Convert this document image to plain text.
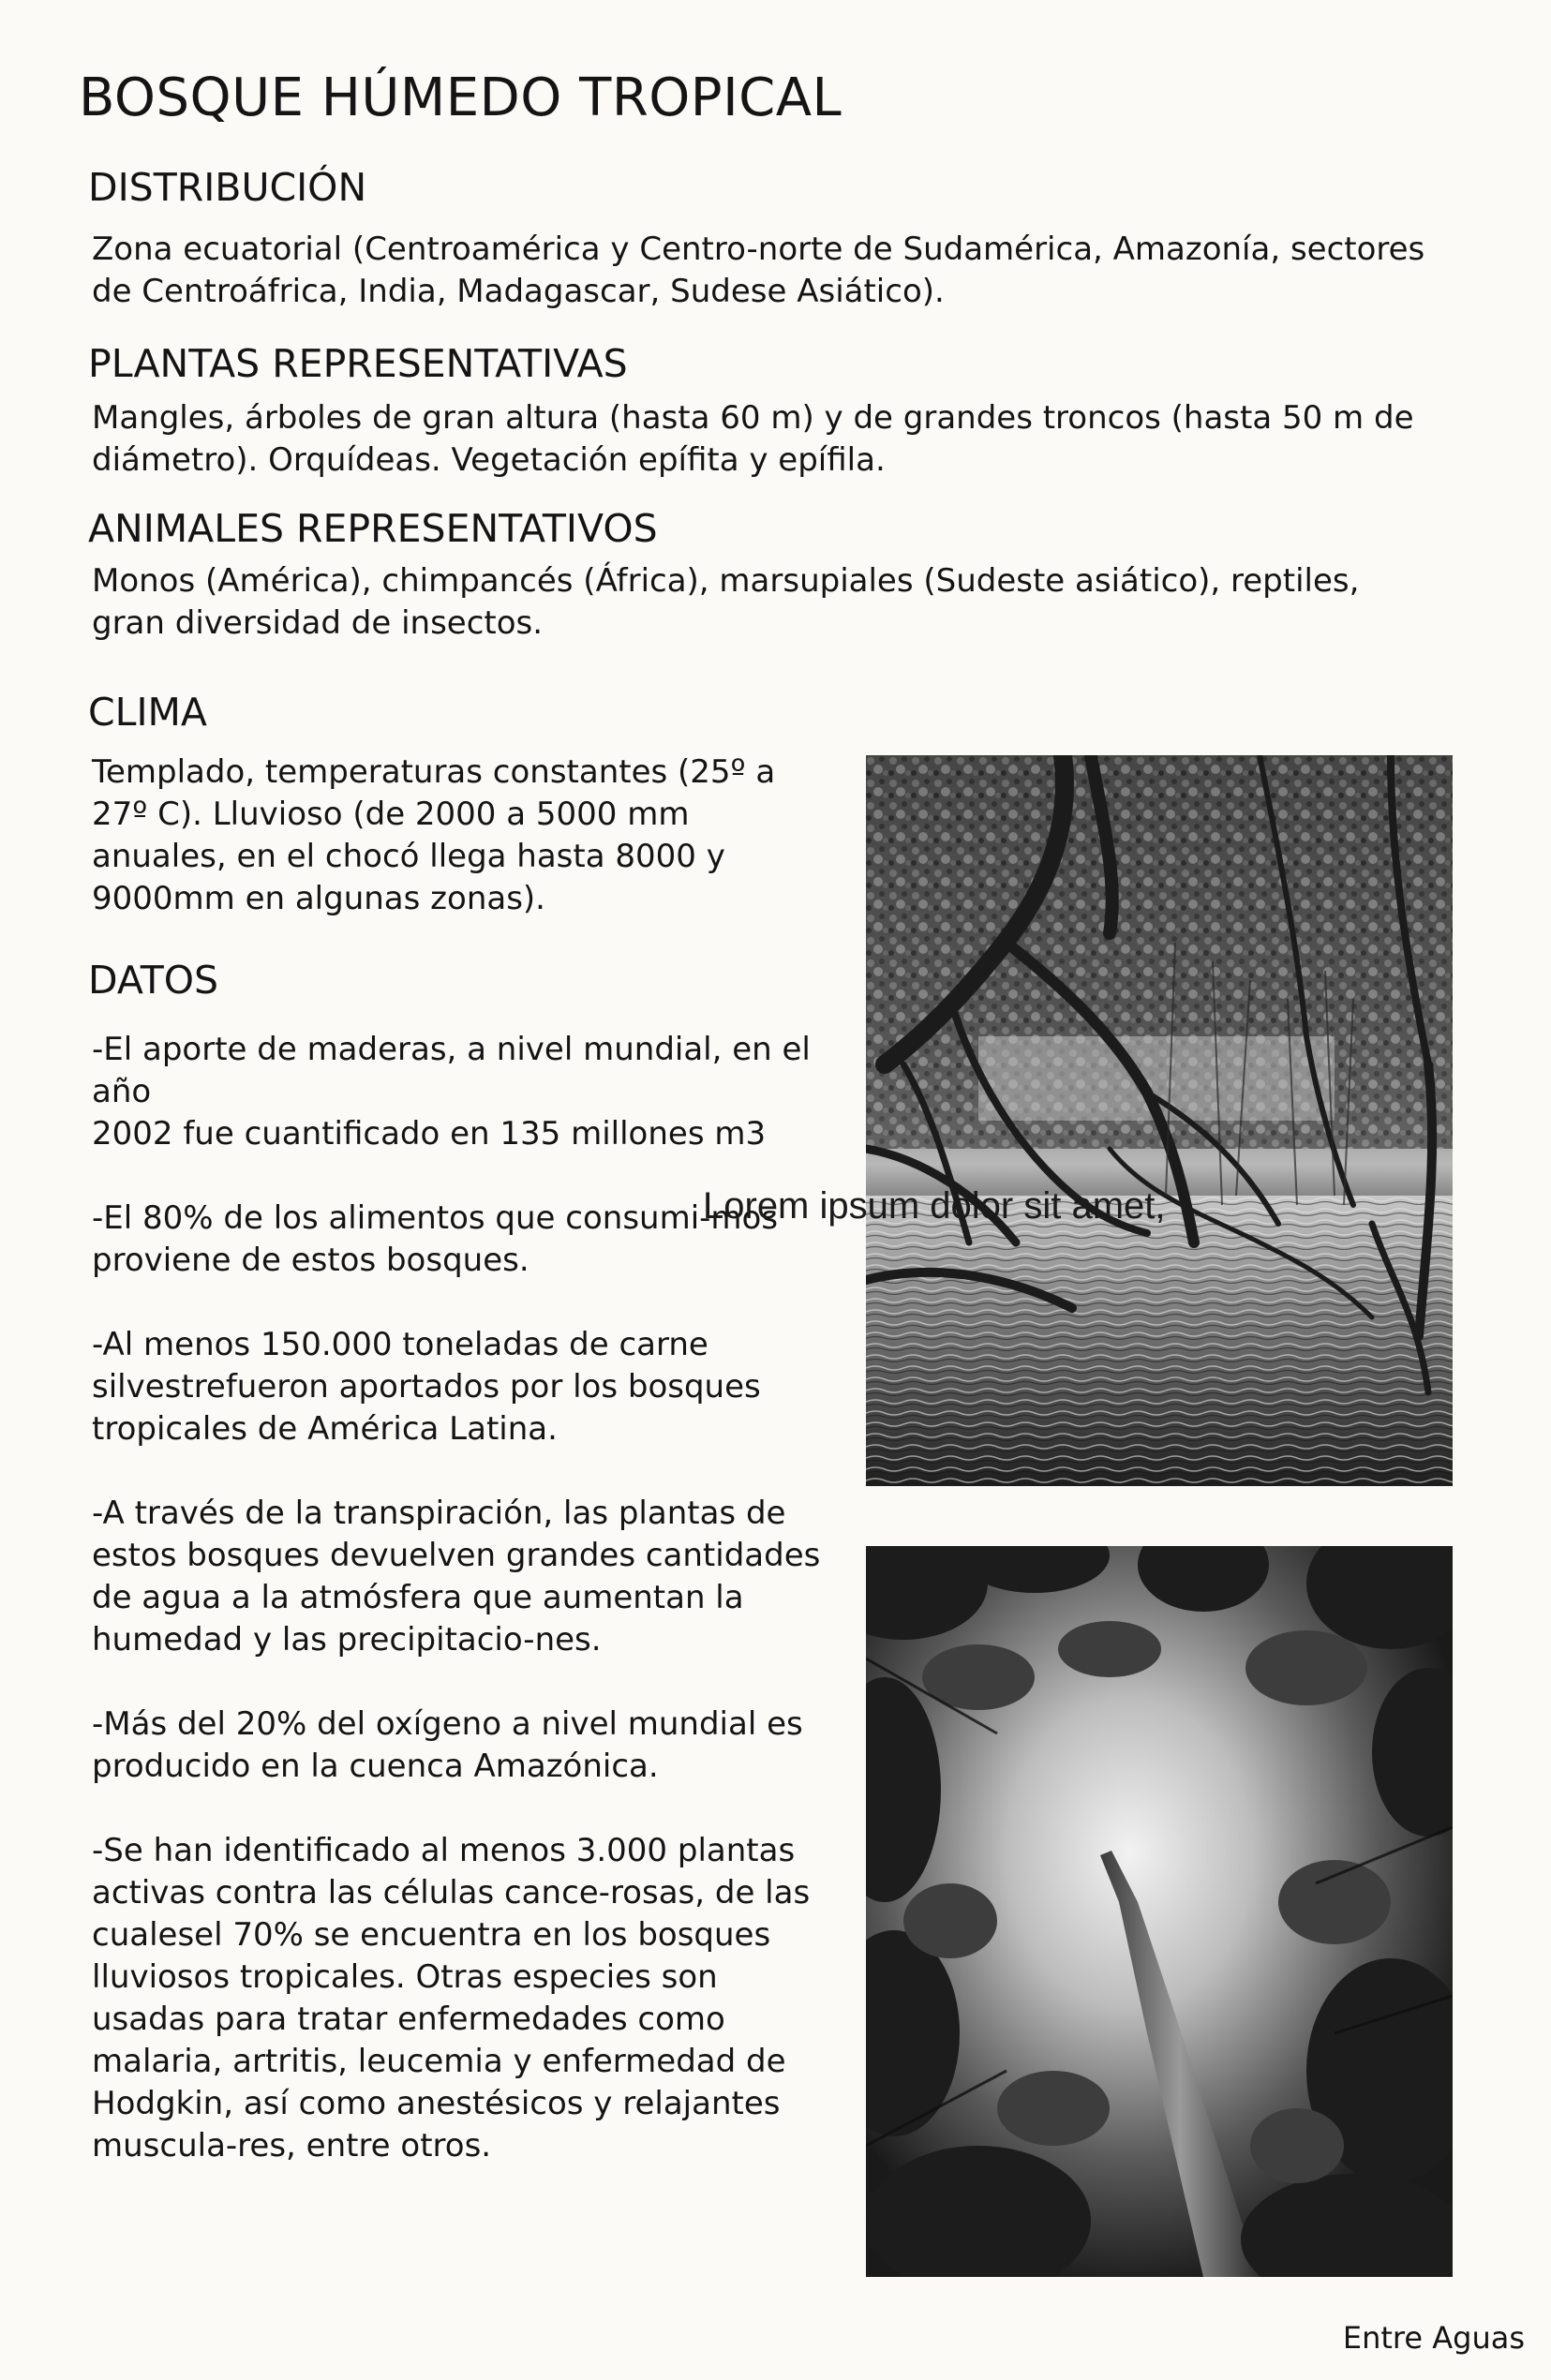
BOSQUE HÚMEDO TROPICAL
DISTRIBUCIÓN

Zona ecuatorial (Centroamérica y Centro-norte de Sudamérica, Amazonía, sectores de Centroáfrica, India, Madagascar, Sudese Asiático).

PLANTAS REPRESENTATIVAS

Mangles, árboles de gran altura (hasta 60 m) y de grandes troncos (hasta 50 m de diámetro). Orquídeas. Vegetación epífita y epífila.

ANIMALES REPRESENTATIVOS

Monos (América), chimpancés (África), marsupiales (Sudeste asiático), reptiles, gran diversidad de insectos.

CLIMA

Templado, temperaturas constantes (25º a 27º C). Lluvioso (de 2000 a 5000 mm anuales, en el chocó llega hasta 8000 y 9000mm en algunas zonas).

DATOS

-El aporte de maderas, a nivel mundial, en el año
2002 fue cuantificado en 135 millones m3

-El 80% de los alimentos que consumi-mos proviene de estos bosques.

-Al menos 150.000 toneladas de carne silvestrefueron aportados por los bosques tropicales de América Latina.

-A través de la transpiración, las plantas de estos bosques devuelven grandes cantidades de agua a la atmósfera que aumentan la humedad y las precipitacio-nes.

-Más del 20% del oxígeno a nivel mundial es producido en la cuenca Amazónica.

-Se han identificado al menos 3.000 plantas activas contra las células cance-rosas, de las cualesel 70% se encuentra en los bosques lluviosos tropicales. Otras especies son usadas para tratar enfermedades como malaria, artritis, leucemia y enfermedad de Hodgkin, así como anestésicos y relajantes muscula-res, entre otros.

Lorem ipsum dolor sit amet,
Entre Aguas
